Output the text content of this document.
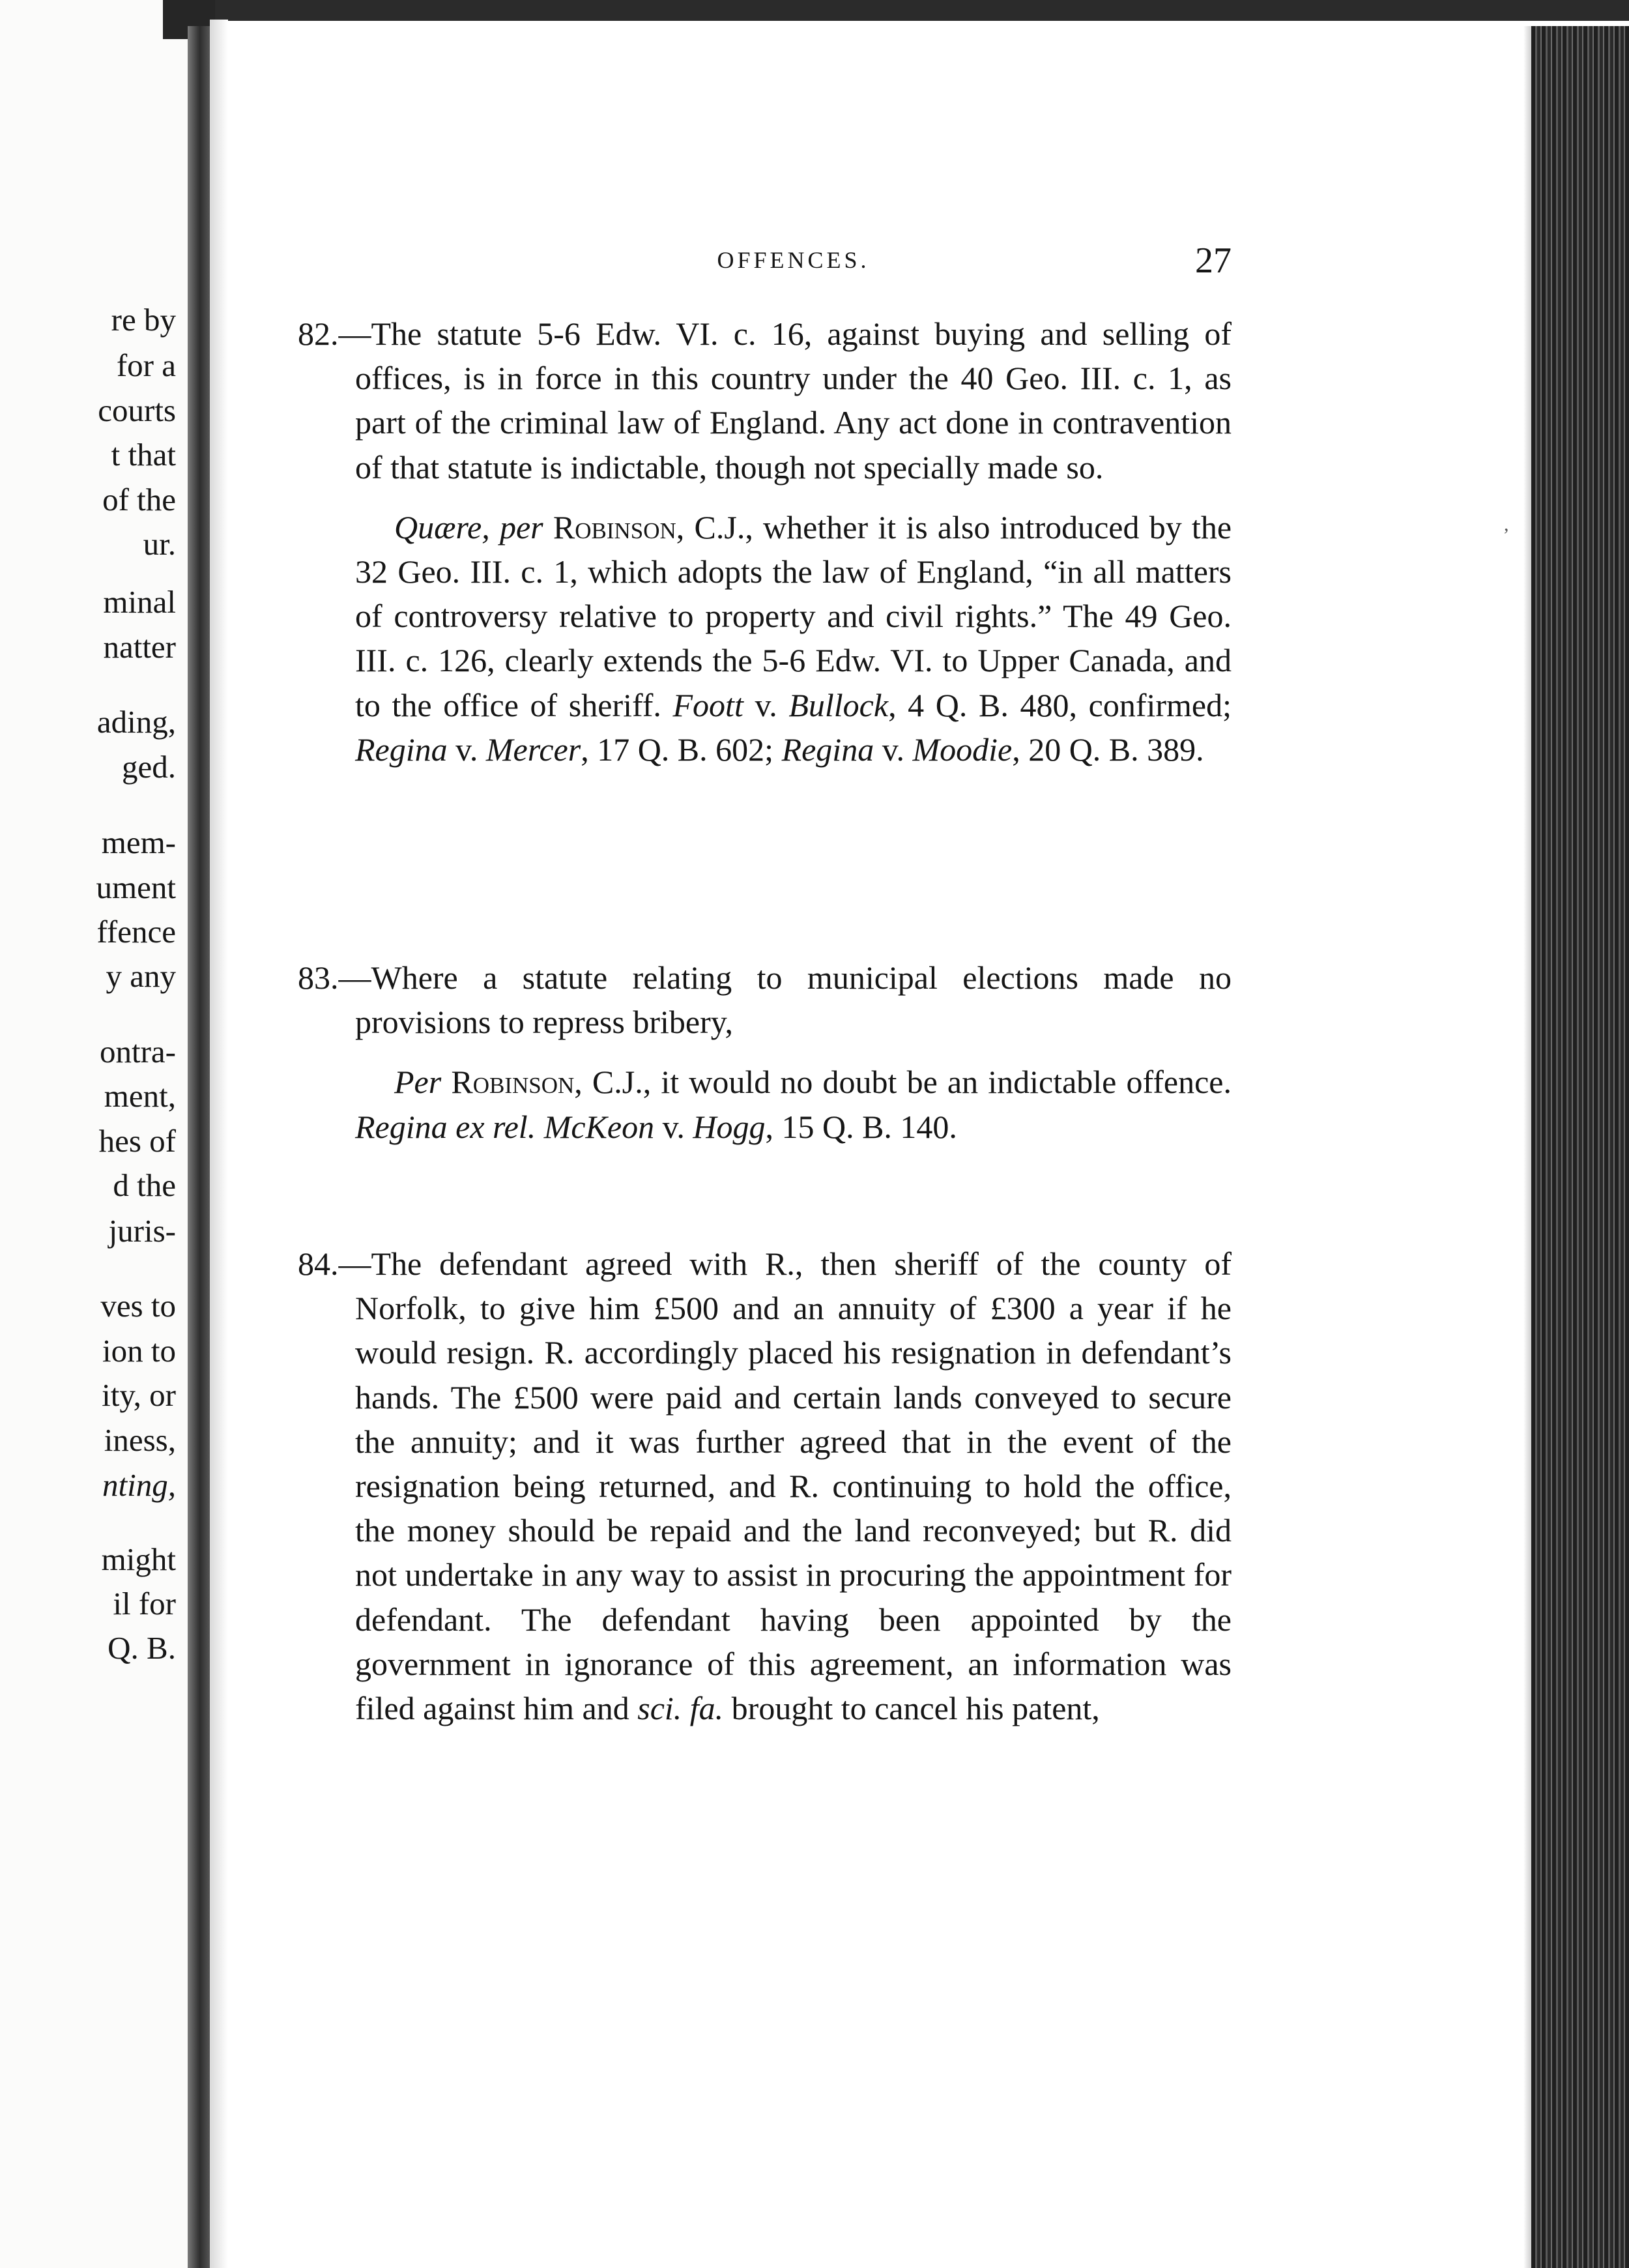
re by
for a
courts
t that
of the
ur.
minal
natter
ading,
ged.
mem-
ument
ffence
y any
ontra-
ment,
hes of
d the
juris-
ves to
ion to
ity, or
iness,
nting,
might
il for
Q. B.
OFFENCES.	27
,

82.—The statute 5-6 Edw. VI. c. 16, against buying and selling of offices, is in force in this country under the 40 Geo. III. c. 1, as part of the criminal law of England. Any act done in contravention of that statute is indictable, though not specially made so.

Quære, per Robinson, C.J., whether it is also introduced by the 32 Geo. III. c. 1, which adopts the law of England, “in all matters of controversy relative to property and civil rights.” The 49 Geo. III. c. 126, clearly extends the 5-6 Edw. VI. to Upper Canada, and to the office of sheriff. Foott v. Bullock, 4 Q. B. 480, confirmed; Regina v. Mercer, 17 Q. B. 602; Regina v. Moodie, 20 Q. B. 389.

83.—Where a statute relating to municipal elections made no provisions to repress bribery,

Per Robinson, C.J., it would no doubt be an indictable offence. Regina ex rel. McKeon v. Hogg, 15 Q. B. 140.

84.—The defendant agreed with R., then sheriff of the county of Norfolk, to give him £500 and an annuity of £300 a year if he would resign. R. accordingly placed his resignation in defendant’s hands. The £500 were paid and certain lands conveyed to secure the annuity; and it was further agreed that in the event of the resignation being returned, and R. continuing to hold the office, the money should be repaid and the land reconveyed; but R. did not undertake in any way to assist in procuring the appointment for defendant. The defendant having been appointed by the government in ignorance of this agreement, an information was filed against him and sci. fa. brought to cancel his patent,
